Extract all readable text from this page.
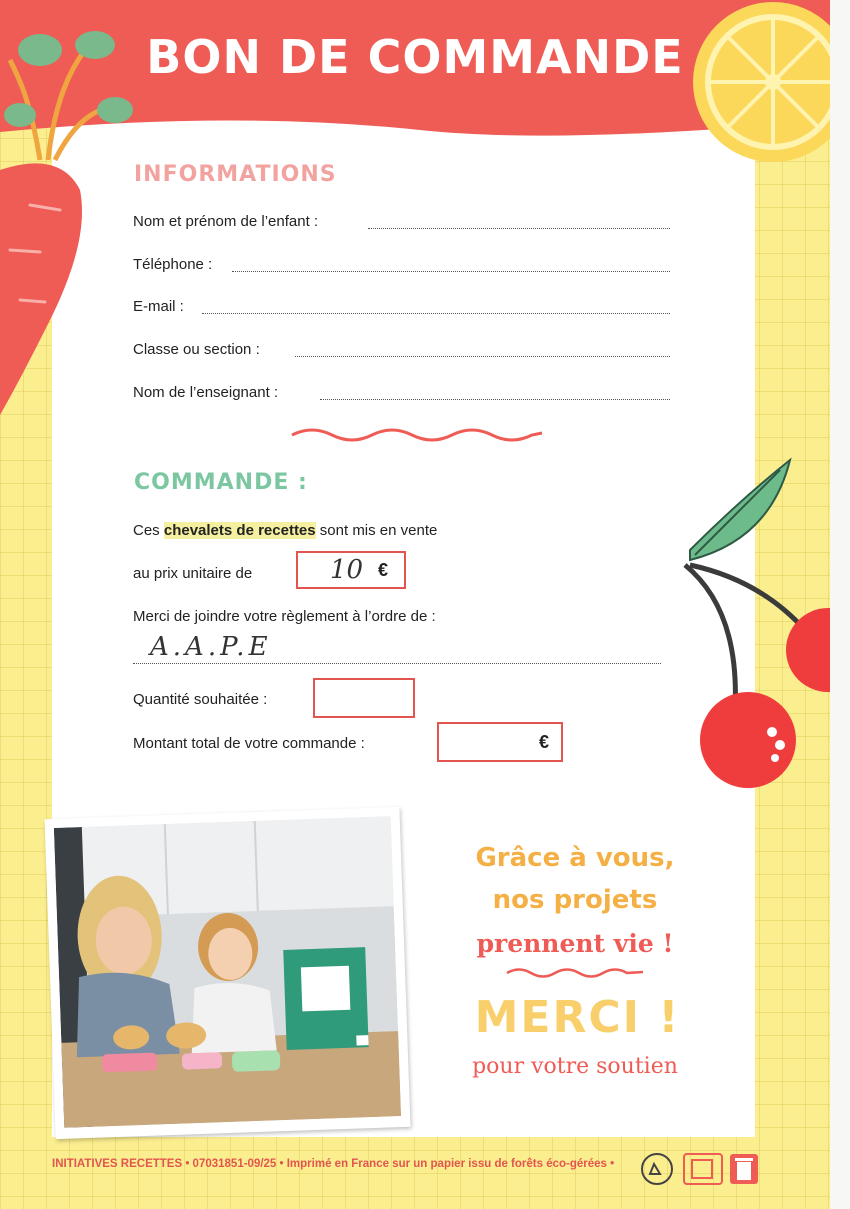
BON DE COMMANDE
INFORMATIONS
Nom et prénom de l’enfant :
Téléphone :
E-mail :
Classe ou section :
Nom de l’enseignant :
COMMANDE :
Ces chevalets de recettes sont mis en vente
au prix unitaire de	10 €
Merci de joindre votre règlement à l’ordre de :
A.A.P.E
Quantité souhaitée :
Montant total de votre commande :	€
Grâce à vous,
nos projets
prennent vie !
MERCI !
pour votre soutien
INITIATIVES RECETTES • 07031851-09/25 • Imprimé en France sur un papier issu de forêts éco-gérées •
